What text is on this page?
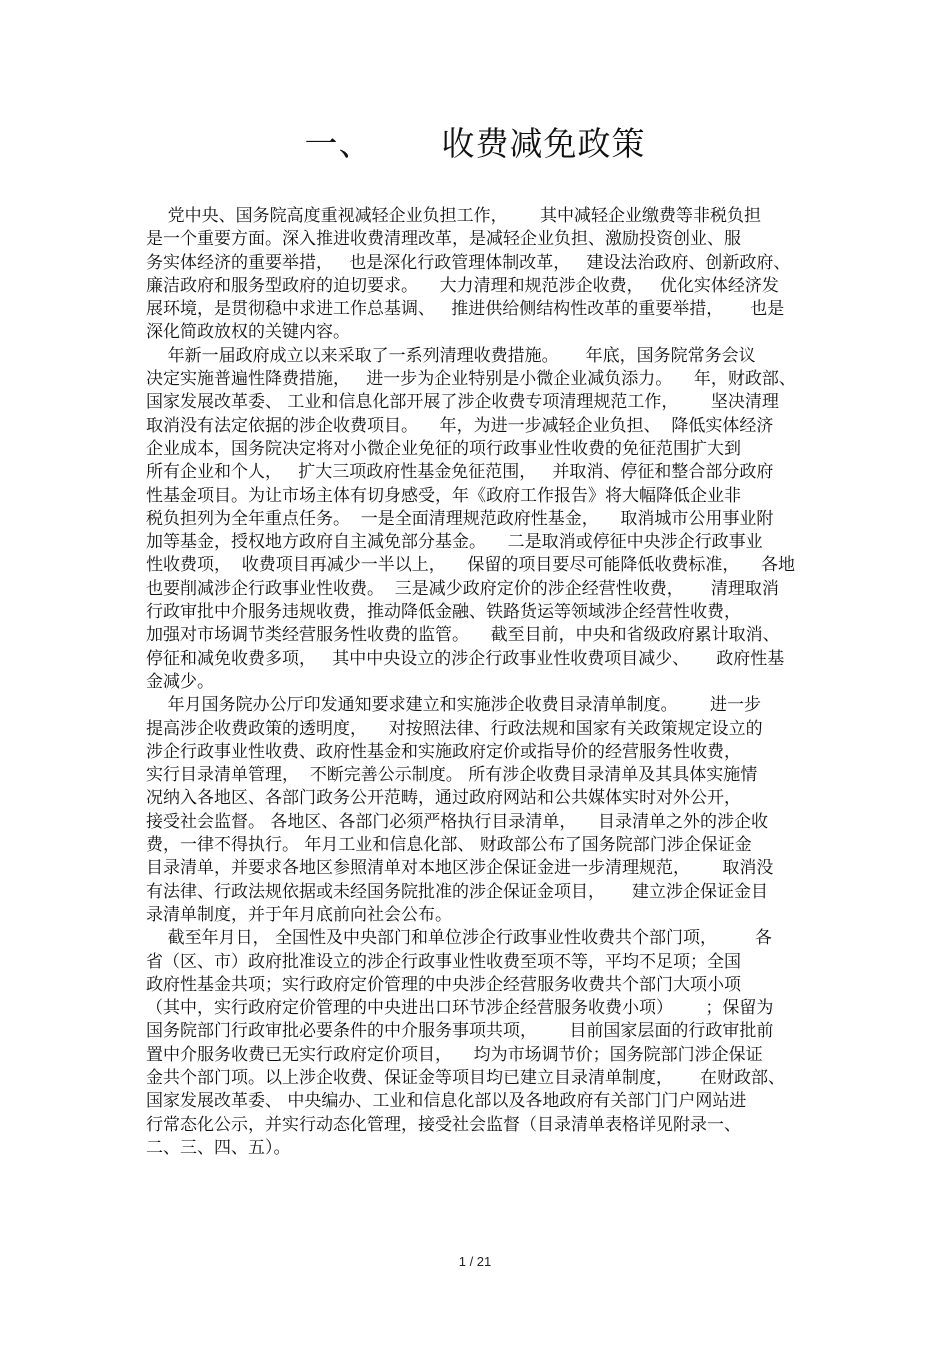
一、      收费减免政策
党中央、国务院高度重视减轻企业负担工作，      其中减轻企业缴费等非税负担
是一个重要方面。深入推进收费清理改革，是减轻企业负担、激励投资创业、服
务实体经济的重要举措，   也是深化行政管理体制改革，   建设法治政府、创新政府、
廉洁政府和服务型政府的迫切要求。    大力清理和规范涉企收费，   优化实体经济发
展环境，是贯彻稳中求进工作总基调、   推进供给侧结构性改革的重要举措，     也是
深化简政放权的关键内容。
年新一届政府成立以来采取了一系列清理收费措施。     年底，国务院常务会议
决定实施普遍性降费措施，   进一步为企业特别是小微企业减负添力。    年，财政部、
国家发展改革委、 工业和信息化部开展了涉企收费专项清理规范工作，      坚决清理
取消没有法定依据的涉企收费项目。    年，为进一步减轻企业负担、  降低实体经济
企业成本，国务院决定将对小微企业免征的项行政事业性收费的免征范围扩大到
所有企业和个人，   扩大三项政府性基金免征范围，   并取消、停征和整合部分政府
性基金项目。为让市场主体有切身感受，年《政府工作报告》将大幅降低企业非
税负担列为全年重点任务。  一是全面清理规范政府性基金，    取消城市公用事业附
加等基金，授权地方政府自主减免部分基金。    二是取消或停征中央涉企行政事业
性收费项，  收费项目再减少一半以上，    保留的项目要尽可能降低收费标准，    各地
也要削减涉企行政事业性收费。  三是减少政府定价的涉企经营性收费，     清理取消
行政审批中介服务违规收费，推动降低金融、铁路货运等领域涉企经营性收费，
加强对市场调节类经营服务性收费的监管。    截至目前，中央和省级政府累计取消、
停征和减免收费多项，   其中中央设立的涉企行政事业性收费项目减少、     政府性基
金减少。
年月国务院办公厅印发通知要求建立和实施涉企收费目录清单制度。      进一步
提高涉企收费政策的透明度，    对按照法律、行政法规和国家有关政策规定设立的
涉企行政事业性收费、政府性基金和实施政府定价或指导价的经营服务性收费，
实行目录清单管理，  不断完善公示制度。 所有涉企收费目录清单及其具体实施情
况纳入各地区、各部门政务公开范畴，通过政府网站和公共媒体实时对外公开，
接受社会监督。 各地区、各部门必须严格执行目录清单，    目录清单之外的涉企收
费，一律不得执行。 年月工业和信息化部、 财政部公布了国务院部门涉企保证金
目录清单，并要求各地区参照清单对本地区涉企保证金进一步清理规范，      取消没
有法律、行政法规依据或未经国务院批准的涉企保证金项目，     建立涉企保证金目
录清单制度，并于年月底前向社会公布。
截至年月日， 全国性及中央部门和单位涉企行政事业性收费共个部门项，       各
省（区、市）政府批准设立的涉企行政事业性收费至项不等，平均不足项；全国
政府性基金共项；实行政府定价管理的中央涉企经营服务收费共个部门大项小项
（其中，实行政府定价管理的中央进出口环节涉企经营服务收费小项）      ；保留为
国务院部门行政审批必要条件的中介服务事项共项，      目前国家层面的行政审批前
置中介服务收费已无实行政府定价项目，    均为市场调节价；国务院部门涉企保证
金共个部门项。以上涉企收费、保证金等项目均已建立目录清单制度，     在财政部、
国家发展改革委、 中央编办、工业和信息化部以及各地政府有关部门门户网站进
行常态化公示，并实行动态化管理，接受社会监督（目录清单表格详见附录一、
二、三、四、五）。
1 / 21
